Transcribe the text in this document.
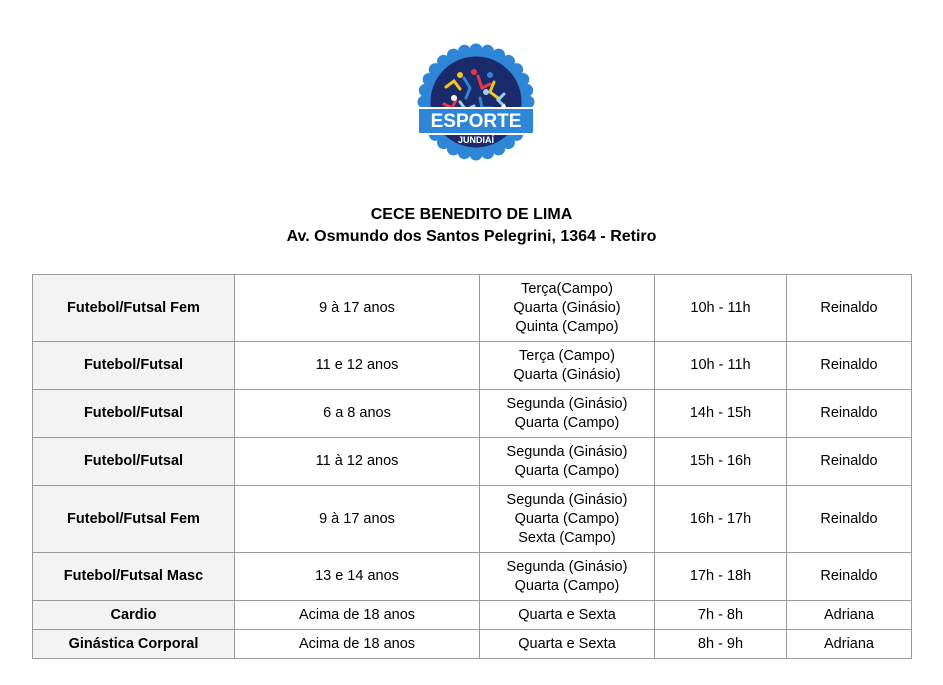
ESPORTE
JUNDIAÍ
CECE BENEDITO DE LIMA
Av. Osmundo dos Santos Pelegrini, 1364 - Retiro
Futebol/Futsal Fem	9 à 17 anos	Terça(Campo)
Quarta (Ginásio)
Quinta (Campo)	10h - 11h	Reinaldo
Futebol/Futsal	11 e 12 anos	Terça (Campo)
Quarta (Ginásio)	10h - 11h	Reinaldo
Futebol/Futsal	6 a 8 anos	Segunda (Ginásio)
Quarta (Campo)	14h - 15h	Reinaldo
Futebol/Futsal	11 à 12 anos	Segunda (Ginásio)
Quarta (Campo)	15h - 16h	Reinaldo
Futebol/Futsal Fem	9 à 17 anos	Segunda (Ginásio)
Quarta (Campo)
Sexta (Campo)	16h - 17h	Reinaldo
Futebol/Futsal Masc	13 e 14 anos	Segunda (Ginásio)
Quarta (Campo)	17h - 18h	Reinaldo
Cardio	Acima de 18 anos	Quarta e Sexta	7h - 8h	Adriana
Ginástica Corporal	Acima de 18 anos	Quarta e Sexta	8h - 9h	Adriana
